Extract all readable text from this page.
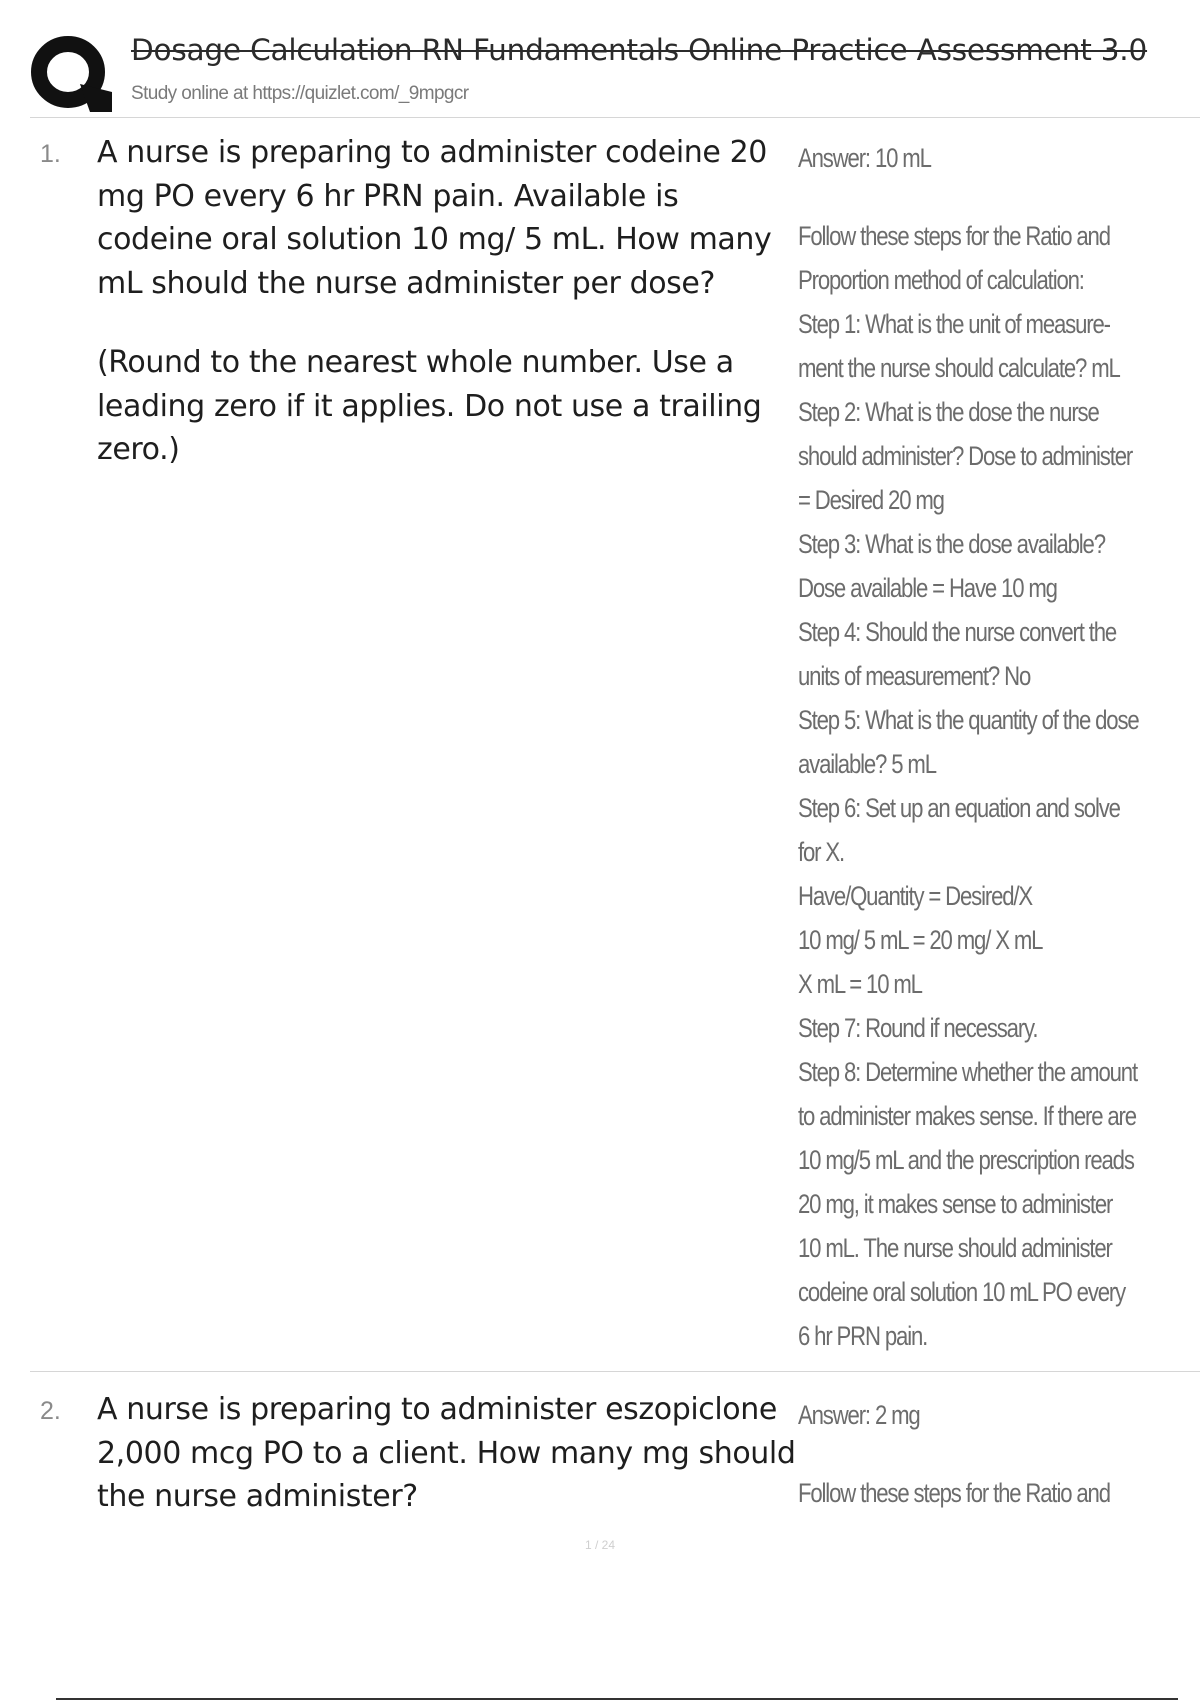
Dosage Calculation RN Fundamentals Online Practice Assessment 3.0
Study online at https://quizlet.com/_9mpgcr
1. A nurse is preparing to administer codeine 20 mg PO every 6 hr PRN pain. Available is codeine oral solution 10 mg/ 5 mL. How many mL should the nurse administer per dose?

(Round to the nearest whole number. Use a leading zero if it applies. Do not use a trailing zero.)

Answer: 10 mL

Follow these steps for the Ratio and

Proportion method of calculation:

Step 1: What is the unit of measure-

ment the nurse should calculate? mL

Step 2: What is the dose the nurse

should administer? Dose to administer

= Desired 20 mg

Step 3: What is the dose available?

Dose available = Have 10 mg

Step 4: Should the nurse convert the

units of measurement? No

Step 5: What is the quantity of the dose

available? 5 mL

Step 6: Set up an equation and solve

for X.

Have/Quantity = Desired/X

10 mg/ 5 mL = 20 mg/ X mL

X mL = 10 mL

Step 7: Round if necessary.

Step 8: Determine whether the amount

to administer makes sense. If there are

10 mg/5 mL and the prescription reads

20 mg, it makes sense to administer

10 mL. The nurse should administer

codeine oral solution 10 mL PO every

6 hr PRN pain.

2. A nurse is preparing to administer eszopiclone 2,000 mcg PO to a client. How many mg should the nurse administer?

Answer: 2 mg

Follow these steps for the Ratio and

1 / 24
